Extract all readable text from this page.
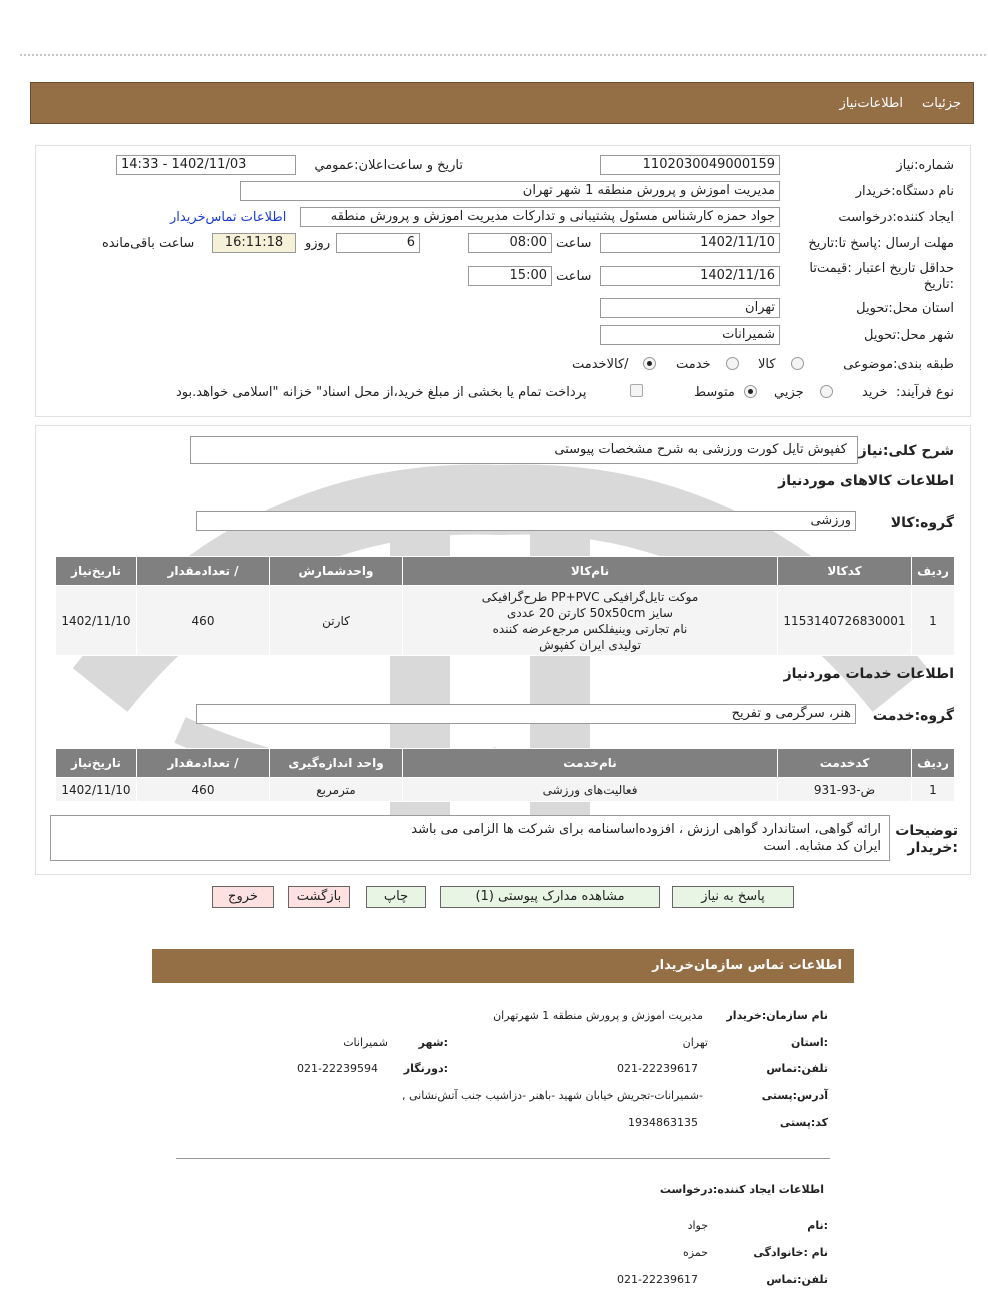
جزئیات
اطلاعات‌نیاز
شماره:نیاز
1102030049000159
تاریخ و ساعت‌اعلان:عمومي
1402/11/03 - 14:33
نام دستگاه:خریدار
مدیریت اموزش و پرورش منطقه 1 شهر تهران
ایجاد کننده:درخواست
جواد حمزه کارشناس مسئول پشتیبانی و تدارکات مدیریت اموزش و پرورش منطقه
اطلاعات تماس‌خریدار
مهلت ارسال :پاسخ تا:تاریخ
1402/11/10
ساعت
08:00
6
روزو
16:11:18
ساعت باقی‌مانده
حداقل تاریخ اعتبار :قیمت‌تا
:تاریخ
1402/11/16
ساعت
15:00
استان محل:تحویل
تهران
شهر محل:تحویل
شمیرانات
طبقه بندی:موضوعی
کالا
خدمت
/کالاخدمت
نوع فرآیند:
خرید
جزیي
متوسط
پرداخت تمام یا بخشی از مبلغ خرید،از محل اسناد" خزانه "اسلامی خواهد.بود
شرح کلی:نیاز
کفپوش تایل کورت ورزشی به شرح مشخصات پیوستی
اطلاعات کالاهای موردنیاز
گروه:کالا
ورزشی
ردیف	کدکالا	نام‌کالا	واحدشمارش	/ تعدادمقدار	تاریخ‌نیاز
1	1153140726830001	موکت تایل‌گرافیکی PP+PVC طرح‌گرافیکی
سایز 50x50cm کارتن 20 عددی
نام تجارتی وینیفلکس مرجع‌عرضه کننده
تولیدی ایران کفپوش	کارتن	460	1402/11/10
اطلاعات خدمات موردنیاز
گروه:خدمت
هنر، سرگرمی و تفریح
ردیف	کدخدمت	نام‌خدمت	واحد اندازه‌گیری	/ تعدادمقدار	تاریخ‌نیاز
1	ض-93-931	فعالیت‌های ورزشی	مترمربع	460	1402/11/10
توضیحات
:خریدار
ارائه گواهی، استاندارد گواهی ارزش ، افزوده‌اساسنامه برای شرکت ها الزامی می باشد
ایران کد مشابه. است
پاسخ به نیاز
مشاهده مدارک پیوستی (1)
چاپ
بازگشت
خروج
اطلاعات تماس سازمان‌خریدار
نام سازمان:خریدار
مدیریت اموزش و پرورش منطقه 1 شهرتهران
:استان
تهران
:شهر
شمیرانات
تلفن:تماس
021-22239617
:دورنگار
021-22239594
آدرس:پستی
-شمیرانات-تجریش خیابان شهید -باهنر -دزاشیب جنب آتش‌نشانی ,
کد:پستی
1934863135
اطلاعات ایجاد کننده:درخواست
:نام
جواد
نام :خانوادگی
حمزه
تلفن:تماس
021-22239617
